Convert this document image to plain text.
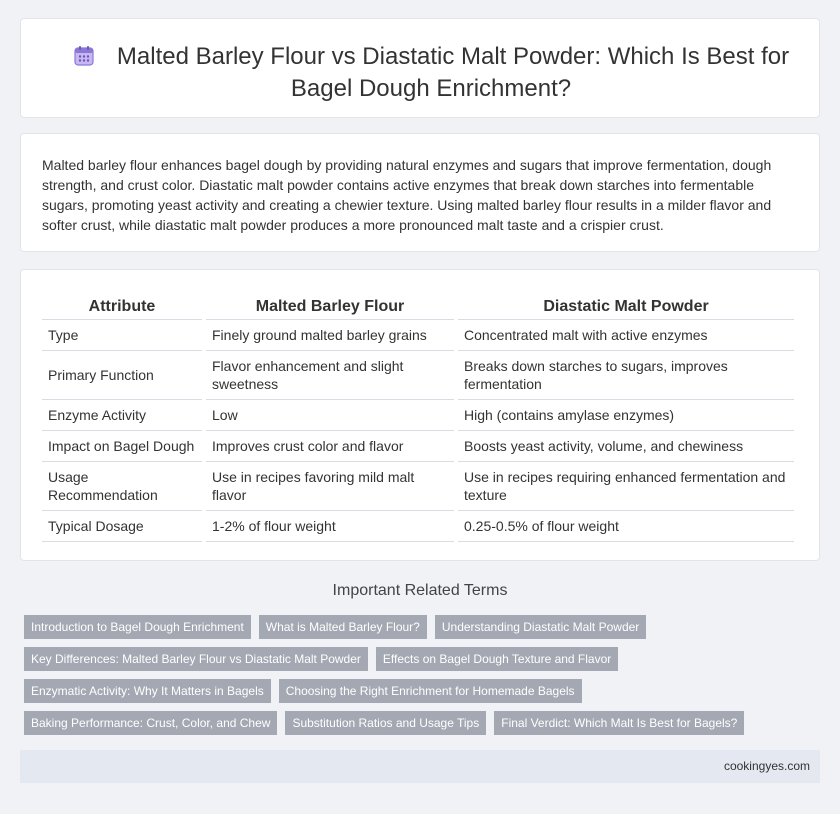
Malted Barley Flour vs Diastatic Malt Powder: Which Is Best for Bagel Dough Enrichment?

Malted barley flour enhances bagel dough by providing natural enzymes and sugars that improve fermentation, dough strength, and crust color. Diastatic malt powder contains active enzymes that break down starches into fermentable sugars, promoting yeast activity and creating a chewier texture. Using malted barley flour results in a milder flavor and softer crust, while diastatic malt powder produces a more pronounced malt taste and a crispier crust.

Attribute	Malted Barley Flour	Diastatic Malt Powder
Type	Finely ground malted barley grains	Concentrated malt with active enzymes
Primary Function	Flavor enhancement and slight sweetness	Breaks down starches to sugars, improves fermentation
Enzyme Activity	Low	High (contains amylase enzymes)
Impact on Bagel Dough	Improves crust color and flavor	Boosts yeast activity, volume, and chewiness
Usage Recommendation	Use in recipes favoring mild malt flavor	Use in recipes requiring enhanced fermentation and texture
Typical Dosage	1-2% of flour weight	0.25-0.5% of flour weight
Important Related Terms
Introduction to Bagel Dough Enrichment	What is Malted Barley Flour?	Understanding Diastatic Malt Powder
Key Differences: Malted Barley Flour vs Diastatic Malt Powder	Effects on Bagel Dough Texture and Flavor
Enzymatic Activity: Why It Matters in Bagels	Choosing the Right Enrichment for Homemade Bagels
Baking Performance: Crust, Color, and Chew	Substitution Ratios and Usage Tips	Final Verdict: Which Malt Is Best for Bagels?
cookingyes.com
